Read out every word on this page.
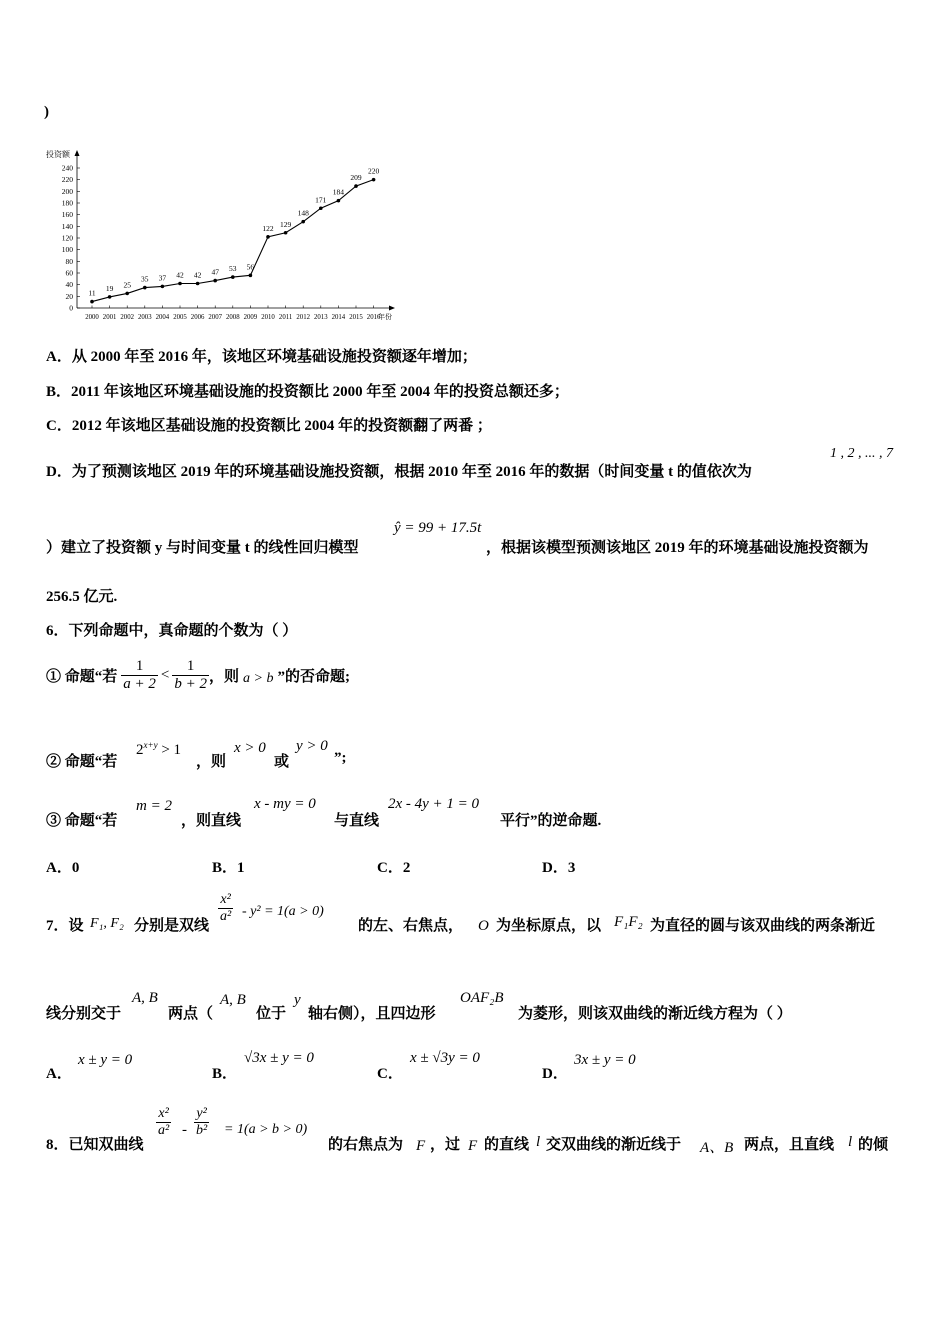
)
投资额
年份
0
20
40
60
80
100
120
140
160
180
200
220
240
2000 2001 2002 2003 2004 2005 2006 2007 2008 2009 2010 2011 2012 2013 2014 2015 2016
11
19 25
35 37 42 42 47 53 56
122 129
148
171
184
209
220
A．从 2000 年至 2016 年，该地区环境基础设施投资额逐年增加；
B．2011 年该地区环境基础设施的投资额比 2000 年至 2004 年的投资总额还多；
C．2012 年该地区基础设施的投资额比 2004 年的投资额翻了两番 ；
D．为了预测该地区 2019 年的环境基础设施投资额，根据 2010 年至 2016 年的数据（时间变量 t 的值依次为
1 , 2 , ... , 7
）建立了投资额 y 与时间变量 t 的线性回归模型
ŷ = 99 + 17.5t
，根据该模型预测该地区 2019 年的环境基础设施投资额为
256.5 亿元.
6．下列命题中，真命题的个数为（ ）
① 命题“若 $\frac{1}{a + 2} < \frac{1}{b + 2}$ ，则 a > b ”的否命题;
② 命题“若
$2^{x+y} > 1$
，则
x > 0
或
y > 0
”;
③ 命题“若
m = 2
，则直线
x - my = 0
与直线
2x - 4y + 1 = 0
平行”的逆命题.
A．0	B．1	C．2	D．3
7．设 F₁, F₂ 分别是双线
$\frac{\text{x²}}{\text{a²}} - y^2 = 1(a > 0)$
的左、右焦点， O 为坐标原点，以 F₁F₂ 为直径的圆与该双曲线的两条渐近
线分别交于
A, B
两点（
A, B
位于
y
轴右侧），且四边形
OAF₂B
为菱形，则该双曲线的渐近线方程为（ ）
A．
x ± y = 0
B．
√3x ± y = 0
C．
x ± √3y = 0
D．
3x ± y = 0
8．已知双曲线
$\frac{\text{x²}}{\text{a²}} - \frac{\text{y²}}{\text{b²}} = 1(a > b > 0)$
的右焦点为 F ，过 F 的直线 l 交双曲线的渐近线于 A、B 两点，且直线 l 的倾
